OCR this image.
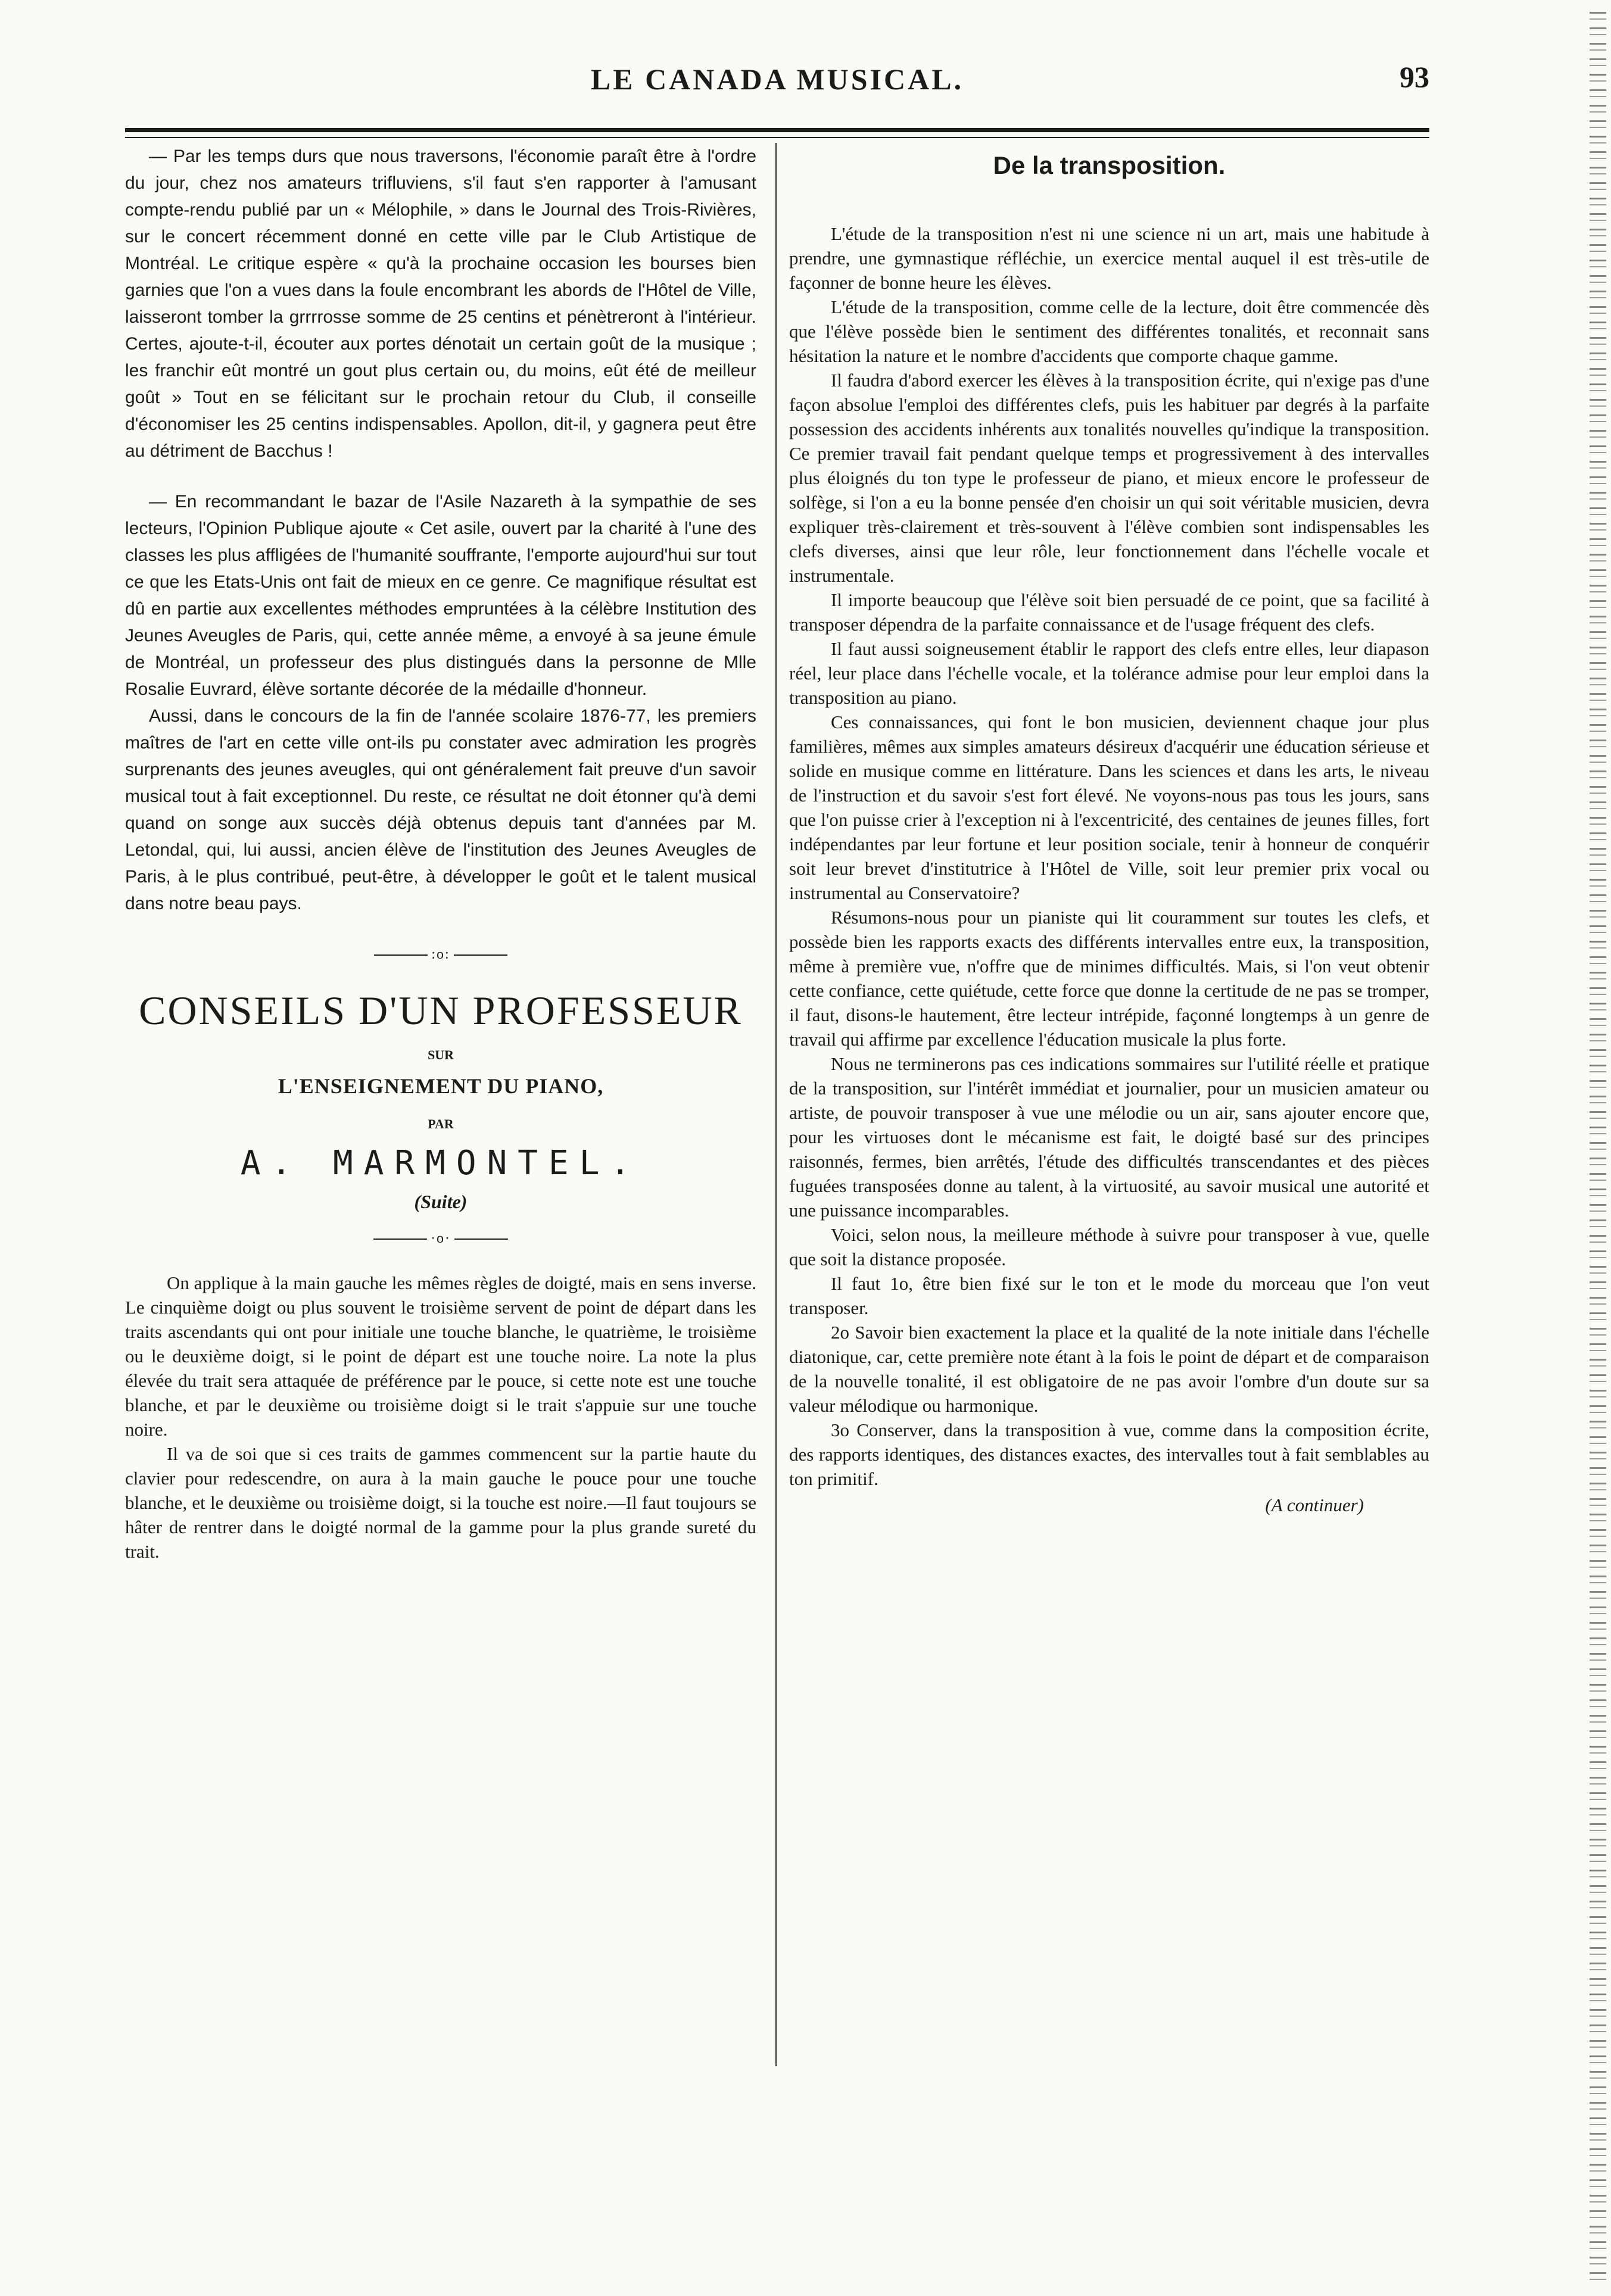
LE CANADA MUSICAL.	93

— Par les temps durs que nous traversons, l'économie paraît être à l'ordre du jour, chez nos amateurs trifluviens, s'il faut s'en rapporter à l'amusant compte-rendu publié par un « Mélophile, » dans le Journal des Trois-Rivières, sur le concert récemment donné en cette ville par le Club Artistique de Montréal. Le critique espère « qu'à la prochaine occasion les bourses bien garnies que l'on a vues dans la foule encombrant les abords de l'Hôtel de Ville, laisseront tomber la grrrrosse somme de 25 centins et pénètreront à l'intérieur. Certes, ajoute-t-il, écouter aux portes dénotait un certain goût de la musique ; les franchir eût montré un gout plus certain ou, du moins, eût été de meilleur goût » Tout en se félicitant sur le prochain retour du Club, il conseille d'économiser les 25 centins indispensables. Apollon, dit-il, y gagnera peut être au détriment de Bacchus !

— En recommandant le bazar de l'Asile Nazareth à la sympathie de ses lecteurs, l'Opinion Publique ajoute « Cet asile, ouvert par la charité à l'une des classes les plus affligées de l'humanité souffrante, l'emporte aujourd'hui sur tout ce que les Etats-Unis ont fait de mieux en ce genre. Ce magnifique résultat est dû en partie aux excellentes méthodes empruntées à la célèbre Institution des Jeunes Aveugles de Paris, qui, cette année même, a envoyé à sa jeune émule de Montréal, un professeur des plus distingués dans la personne de Mlle Rosalie Euvrard, élève sortante décorée de la médaille d'honneur.

Aussi, dans le concours de la fin de l'année scolaire 1876-77, les premiers maîtres de l'art en cette ville ont-ils pu constater avec admiration les progrès surprenants des jeunes aveugles, qui ont généralement fait preuve d'un savoir musical tout à fait exceptionnel. Du reste, ce résultat ne doit étonner qu'à demi quand on songe aux succès déjà obtenus depuis tant d'années par M. Letondal, qui, lui aussi, ancien élève de l'institution des Jeunes Aveugles de Paris, à le plus contribué, peut-être, à développer le goût et le talent musical dans notre beau pays.

:o:
CONSEILS D'UN PROFESSEUR
SUR
L'ENSEIGNEMENT DU PIANO,
PAR
A. MARMONTEL.
(Suite)
·o·

On applique à la main gauche les mêmes règles de doigté, mais en sens inverse. Le cinquième doigt ou plus souvent le troisième servent de point de départ dans les traits ascendants qui ont pour initiale une touche blanche, le quatrième, le troisième ou le deuxième doigt, si le point de départ est une touche noire. La note la plus élevée du trait sera attaquée de préférence par le pouce, si cette note est une touche blanche, et par le deuxième ou troisième doigt si le trait s'appuie sur une touche noire.

Il va de soi que si ces traits de gammes commencent sur la partie haute du clavier pour redescendre, on aura à la main gauche le pouce pour une touche blanche, et le deuxième ou troisième doigt, si la touche est noire.—Il faut toujours se hâter de rentrer dans le doigté normal de la gamme pour la plus grande sureté du trait.

De la transposition.

L'étude de la transposition n'est ni une science ni un art, mais une habitude à prendre, une gymnastique réfléchie, un exercice mental auquel il est très-utile de façonner de bonne heure les élèves.

L'étude de la transposition, comme celle de la lecture, doit être commencée dès que l'élève possède bien le sentiment des différentes tonalités, et reconnait sans hésitation la nature et le nombre d'accidents que comporte chaque gamme.

Il faudra d'abord exercer les élèves à la transposition écrite, qui n'exige pas d'une façon absolue l'emploi des différentes clefs, puis les habituer par degrés à la parfaite possession des accidents inhérents aux tonalités nouvelles qu'indique la transposition. Ce premier travail fait pendant quelque temps et progressivement à des intervalles plus éloignés du ton type le professeur de piano, et mieux encore le professeur de solfège, si l'on a eu la bonne pensée d'en choisir un qui soit véritable musicien, devra expliquer très-clairement et très-souvent à l'élève combien sont indispensables les clefs diverses, ainsi que leur rôle, leur fonctionnement dans l'échelle vocale et instrumentale.

Il importe beaucoup que l'élève soit bien persuadé de ce point, que sa facilité à transposer dépendra de la parfaite connaissance et de l'usage fréquent des clefs.

Il faut aussi soigneusement établir le rapport des clefs entre elles, leur diapason réel, leur place dans l'échelle vocale, et la tolérance admise pour leur emploi dans la transposition au piano.

Ces connaissances, qui font le bon musicien, deviennent chaque jour plus familières, mêmes aux simples amateurs désireux d'acquérir une éducation sérieuse et solide en musique comme en littérature. Dans les sciences et dans les arts, le niveau de l'instruction et du savoir s'est fort élevé. Ne voyons-nous pas tous les jours, sans que l'on puisse crier à l'exception ni à l'excentricité, des centaines de jeunes filles, fort indépendantes par leur fortune et leur position sociale, tenir à honneur de conquérir soit leur brevet d'institutrice à l'Hôtel de Ville, soit leur premier prix vocal ou instrumental au Conservatoire?

Résumons-nous pour un pianiste qui lit couramment sur toutes les clefs, et possède bien les rapports exacts des différents intervalles entre eux, la transposition, même à première vue, n'offre que de minimes difficultés. Mais, si l'on veut obtenir cette confiance, cette quiétude, cette force que donne la certitude de ne pas se tromper, il faut, disons-le hautement, être lecteur intrépide, façonné longtemps à un genre de travail qui affirme par excellence l'éducation musicale la plus forte.

Nous ne terminerons pas ces indications sommaires sur l'utilité réelle et pratique de la transposition, sur l'intérêt immédiat et journalier, pour un musicien amateur ou artiste, de pouvoir transposer à vue une mélodie ou un air, sans ajouter encore que, pour les virtuoses dont le mécanisme est fait, le doigté basé sur des principes raisonnés, fermes, bien arrêtés, l'étude des difficultés transcendantes et des pièces fuguées transposées donne au talent, à la virtuosité, au savoir musical une autorité et une puissance incomparables.

Voici, selon nous, la meilleure méthode à suivre pour transposer à vue, quelle que soit la distance proposée.

Il faut 1o, être bien fixé sur le ton et le mode du morceau que l'on veut transposer.

2o Savoir bien exactement la place et la qualité de la note initiale dans l'échelle diatonique, car, cette première note étant à la fois le point de départ et de comparaison de la nouvelle tonalité, il est obligatoire de ne pas avoir l'ombre d'un doute sur sa valeur mélodique ou harmonique.

3o Conserver, dans la transposition à vue, comme dans la composition écrite, des rapports identiques, des distances exactes, des intervalles tout à fait semblables au ton primitif.

(A continuer)
